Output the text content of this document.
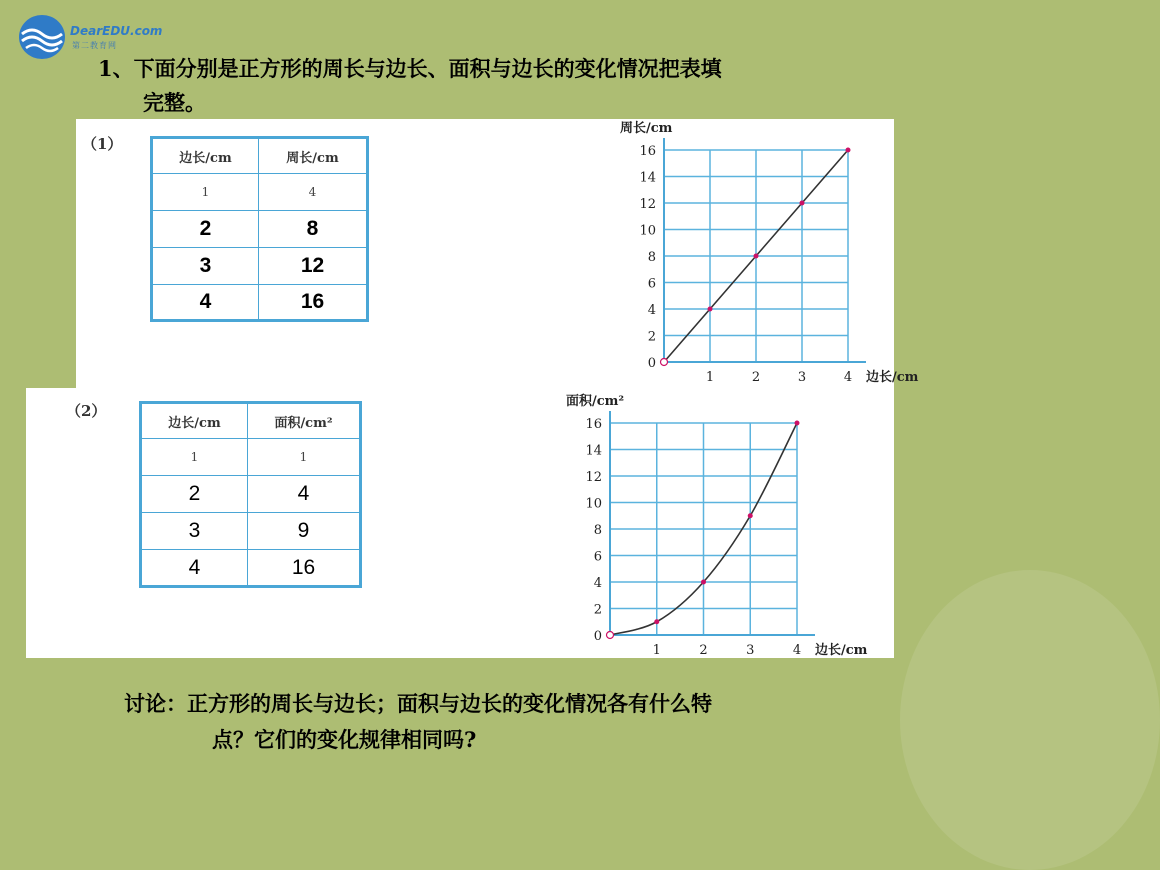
DearEDU.com
第二教育网
1、下面分别是正方形的周长与边长、面积与边长的变化情况把表填
完整。
（1）
边长/cm	周长/cm
1	4
2	8
3	12
4	16
0
2
4
6
8
10
12
14
16
1	2	3	4 边长/cm
周长/cm
（2）
边长/cm	面积/cm²
1	1
2	4
3	9
4	16
0
2
4
6
8
10
12
14
16
1	2	3	4 边长/cm
面积/cm²
讨论：正方形的周长与边长；面积与边长的变化情况各有什么特
点？它们的变化规律相同吗?
